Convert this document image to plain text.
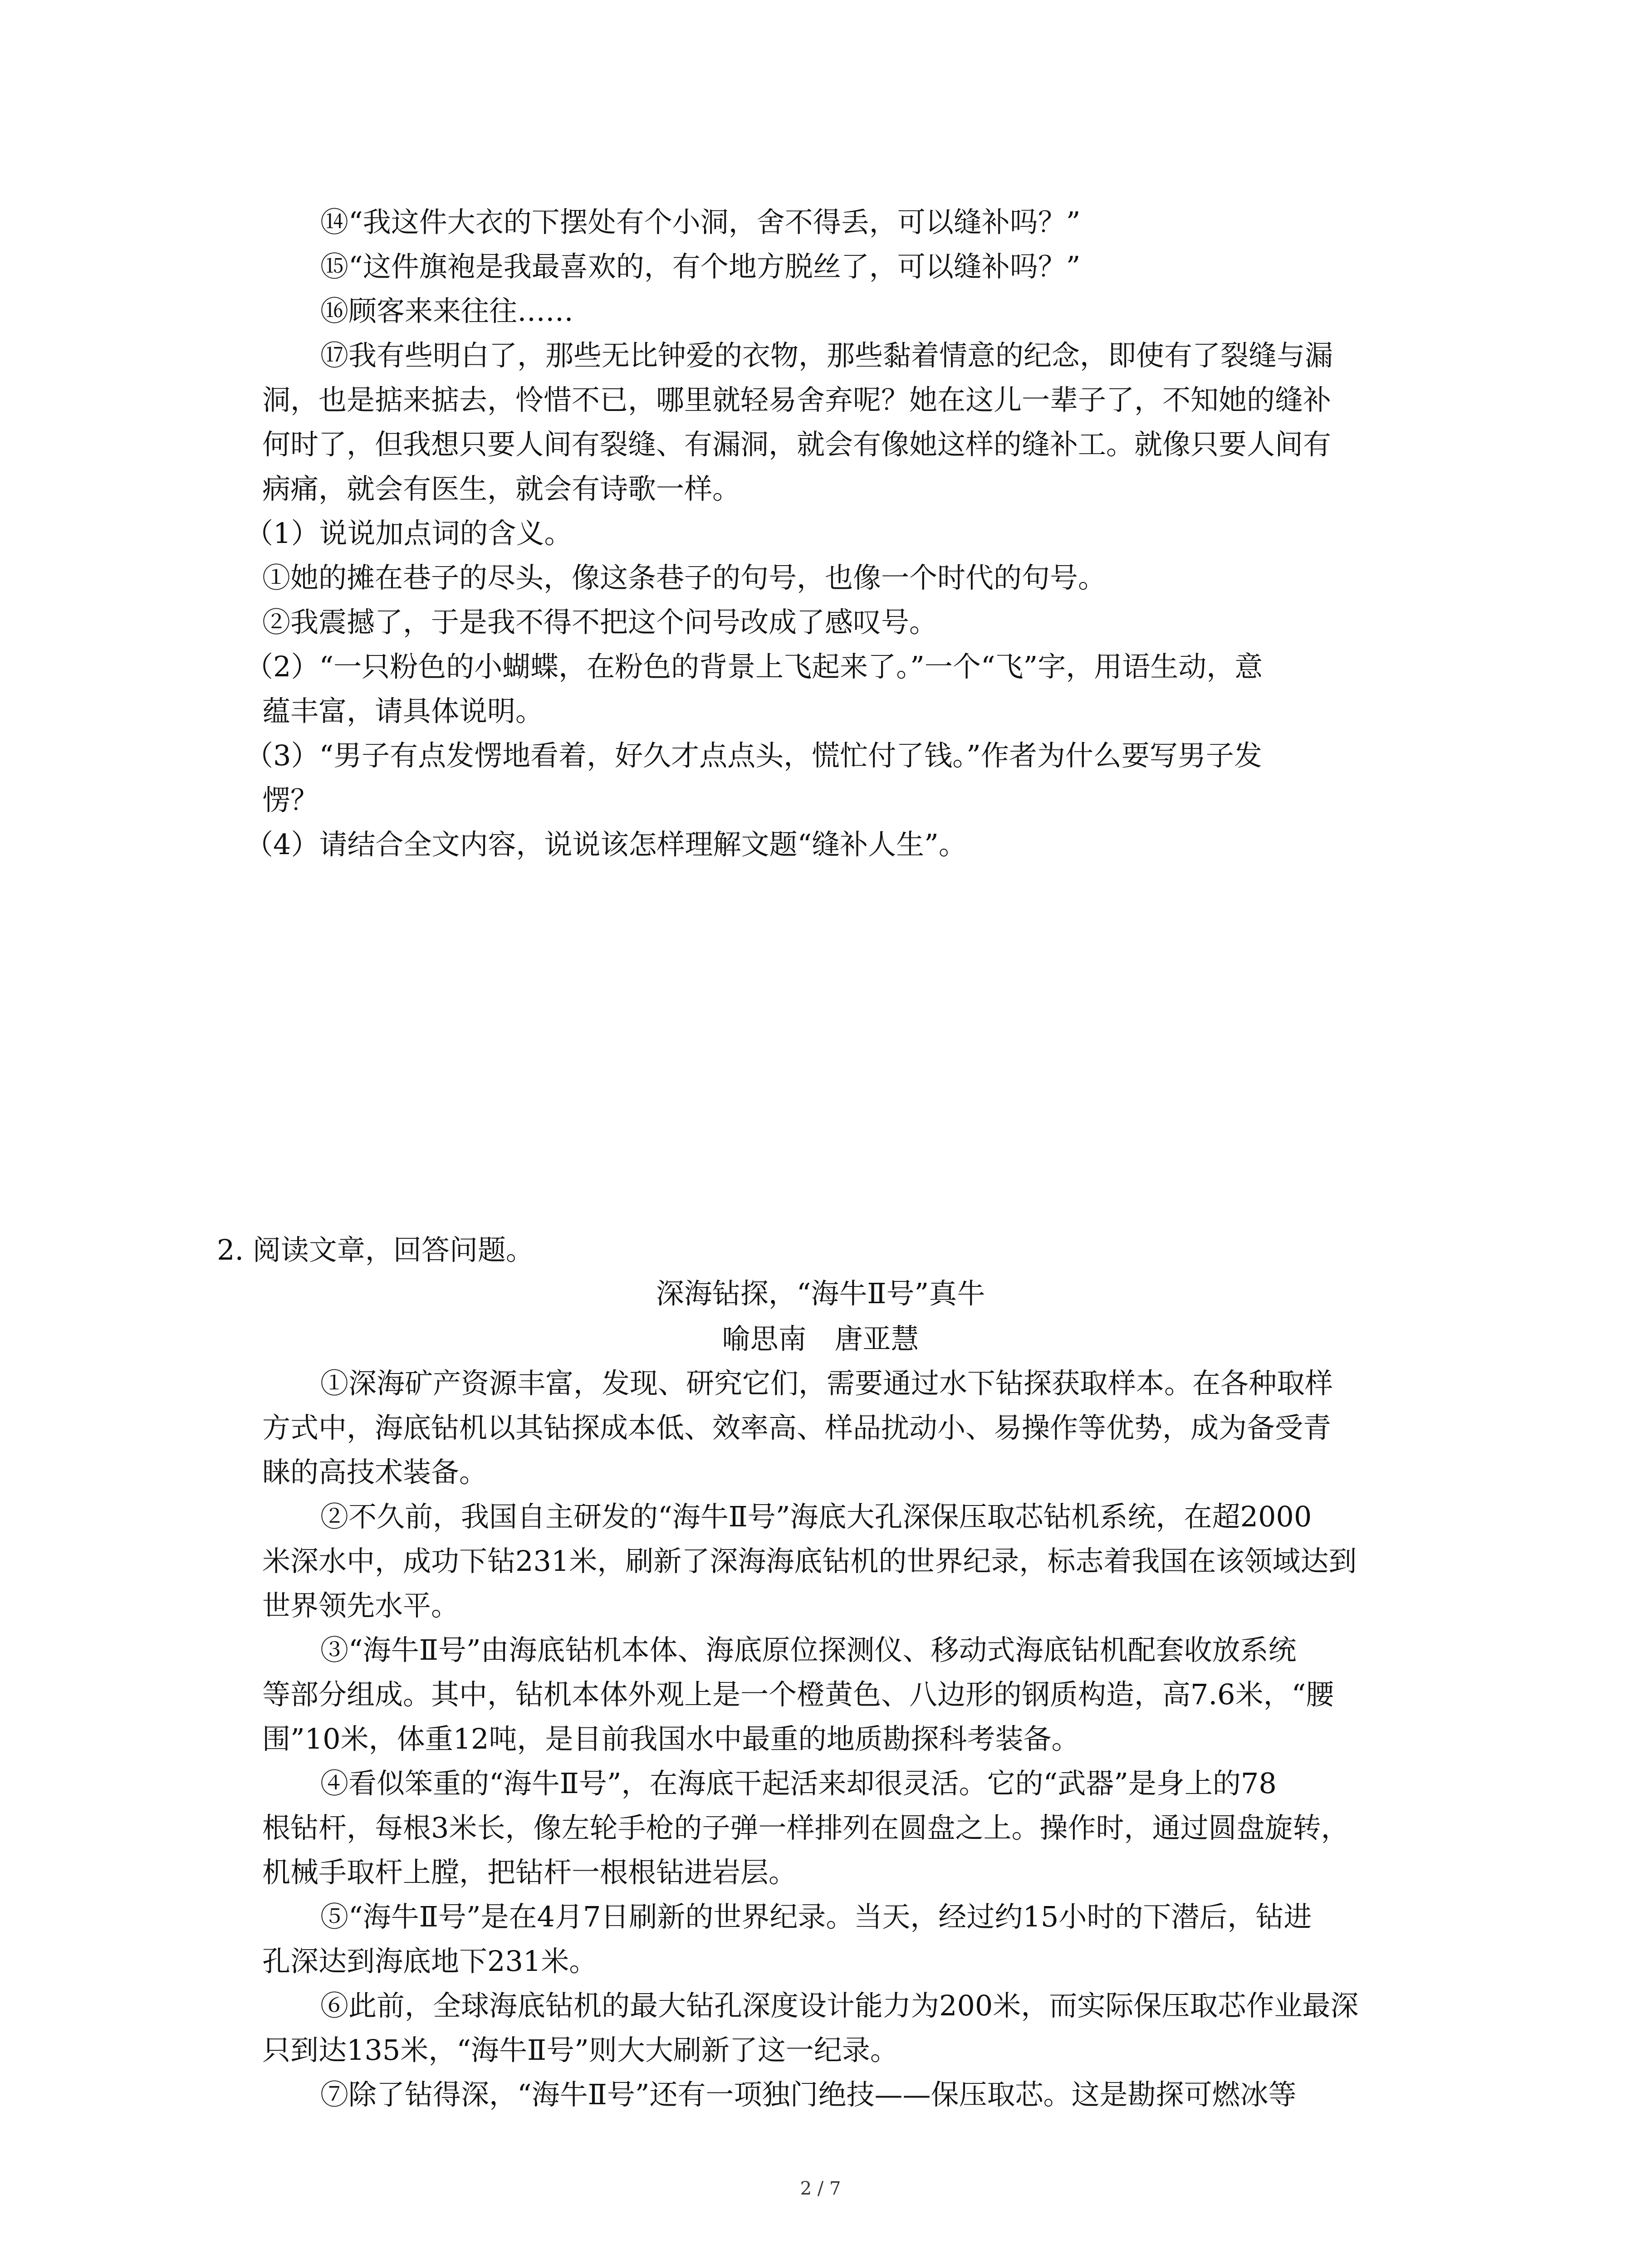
⑭“我这件大衣的下摆处有个小洞，舍不得丢，可以缝补吗？”
⑮“这件旗袍是我最喜欢的，有个地方脱丝了，可以缝补吗？”
⑯顾客来来往往……
⑰我有些明白了，那些无比钟爱的衣物，那些黏着情意的纪念，即使有了裂缝与漏
洞，也是掂来掂去，怜惜不已，哪里就轻易舍弃呢？她在这儿一辈子了，不知她的缝补
何时了，但我想只要人间有裂缝、有漏洞，就会有像她这样的缝补工。就像只要人间有
病痛，就会有医生，就会有诗歌一样。
（1）说说加点词的含义。
①她的摊在巷子的尽头，像这条巷子的句号，也像一个时代的句号。
②我震撼了，于是我不得不把这个问号改成了感叹号。
（2）“一只粉色的小蝴蝶，在粉色的背景上飞起来了。”一个“飞”字，用语生动，意
蕴丰富，请具体说明。
（3）“男子有点发愣地看着，好久才点点头，慌忙付了钱。”作者为什么要写男子发
愣？
（4）请结合全文内容，说说该怎样理解文题“缝补人生”。
2. 阅读文章，回答问题。
深海钻探，“海牛Ⅱ号”真牛
喻思南　唐亚慧
①深海矿产资源丰富，发现、研究它们，需要通过水下钻探获取样本。在各种取样
方式中，海底钻机以其钻探成本低、效率高、样品扰动小、易操作等优势，成为备受青
睐的高技术装备。
②不久前，我国自主研发的“海牛Ⅱ号”海底大孔深保压取芯钻机系统，在超2000
米深水中，成功下钻231米，刷新了深海海底钻机的世界纪录，标志着我国在该领域达到
世界领先水平。
③“海牛Ⅱ号”由海底钻机本体、海底原位探测仪、移动式海底钻机配套收放系统
等部分组成。其中，钻机本体外观上是一个橙黄色、八边形的钢质构造，高7.6米，“腰
围”10米，体重12吨，是目前我国水中最重的地质勘探科考装备。
④看似笨重的“海牛Ⅱ号”，在海底干起活来却很灵活。它的“武器”是身上的78
根钻杆，每根3米长，像左轮手枪的子弹一样排列在圆盘之上。操作时，通过圆盘旋转，
机械手取杆上膛，把钻杆一根根钻进岩层。
⑤“海牛Ⅱ号”是在4月7日刷新的世界纪录。当天，经过约15小时的下潜后，钻进
孔深达到海底地下231米。
⑥此前，全球海底钻机的最大钻孔深度设计能力为200米，而实际保压取芯作业最深
只到达135米，“海牛Ⅱ号”则大大刷新了这一纪录。
⑦除了钻得深，“海牛Ⅱ号”还有一项独门绝技——保压取芯。这是勘探可燃冰等
2 / 7
